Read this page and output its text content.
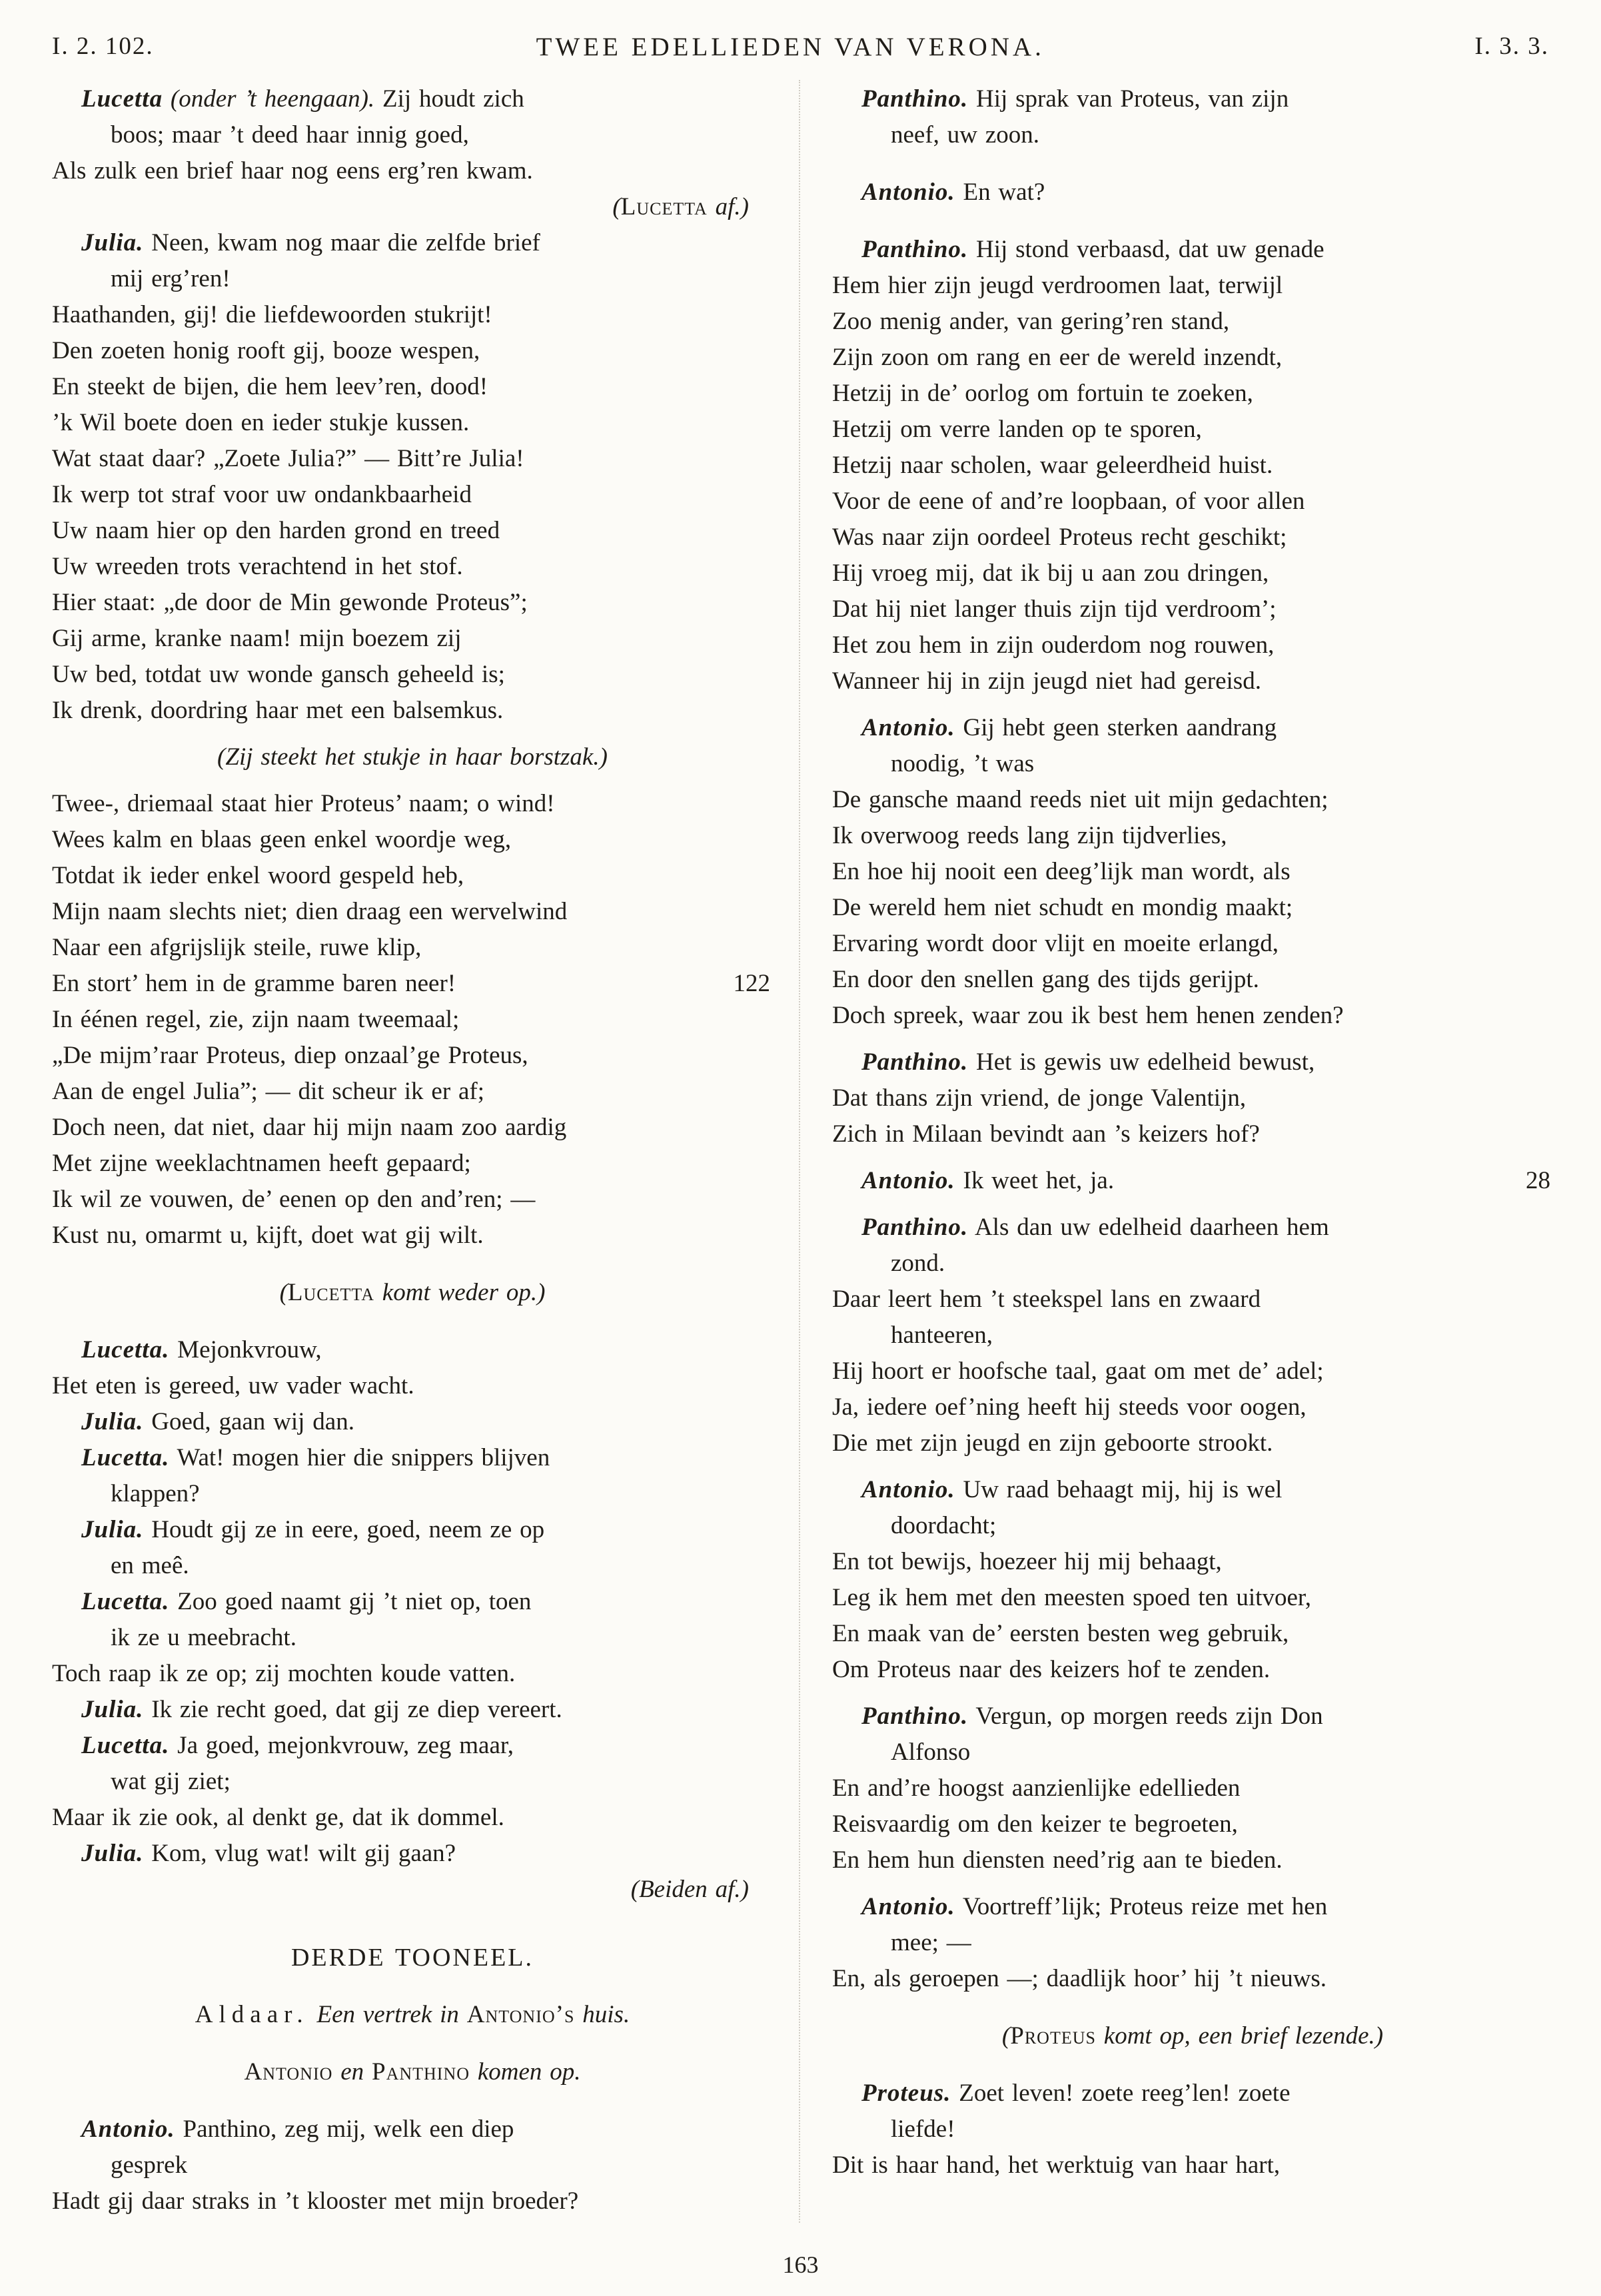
I. 2. 102.	TWEE EDELLIEDEN VAN VERONA.	I. 3. 3.
Lucetta (onder ’t heengaan). Zij houdt zich
boos; maar ’t deed haar innig goed,
Als zulk een brief haar nog eens erg’ren kwam.
(Lucetta af.)
Julia. Neen, kwam nog maar die zelfde brief
mij erg’ren!
Haathanden, gij! die liefdewoorden stukrijt!
Den zoeten honig rooft gij, booze wespen,
En steekt de bijen, die hem leev’ren, dood!
’k Wil boete doen en ieder stukje kussen.
Wat staat daar? „Zoete Julia?” — Bitt’re Julia!
Ik werp tot straf voor uw ondankbaarheid
Uw naam hier op den harden grond en treed
Uw wreeden trots verachtend in het stof.
Hier staat: „de door de Min gewonde Proteus”;
Gij arme, kranke naam! mijn boezem zij
Uw bed, totdat uw wonde gansch geheeld is;
Ik drenk, doordring haar met een balsemkus.
(Zij steekt het stukje in haar borstzak.)
Twee-, driemaal staat hier Proteus’ naam; o wind!
Wees kalm en blaas geen enkel woordje weg,
Totdat ik ieder enkel woord gespeld heb,
Mijn naam slechts niet; dien draag een wervelwind
Naar een afgrijslijk steile, ruwe klip,
En stort’ hem in de gramme baren neer!	122
In éénen regel, zie, zijn naam tweemaal;
„De mijm’raar Proteus, diep onzaal’ge Proteus,
Aan de engel Julia”; — dit scheur ik er af;
Doch neen, dat niet, daar hij mijn naam zoo aardig
Met zijne weeklachtnamen heeft gepaard;
Ik wil ze vouwen, de’ eenen op den and’ren; —
Kust nu, omarmt u, kijft, doet wat gij wilt.
(Lucetta komt weder op.)
Lucetta. Mejonkvrouw,
Het eten is gereed, uw vader wacht.
Julia. Goed, gaan wij dan.
Lucetta. Wat! mogen hier die snippers blijven
klappen?
Julia. Houdt gij ze in eere, goed, neem ze op
en meê.
Lucetta. Zoo goed naamt gij ’t niet op, toen
ik ze u meebracht.
Toch raap ik ze op; zij mochten koude vatten.
Julia. Ik zie recht goed, dat gij ze diep vereert.
Lucetta. Ja goed, mejonkvrouw, zeg maar,
wat gij ziet;
Maar ik zie ook, al denkt ge, dat ik dommel.
Julia. Kom, vlug wat! wilt gij gaan?
(Beiden af.)
DERDE TOONEEL.
Aldaar. Een vertrek in Antonio’s huis.
Antonio en Panthino komen op.
Antonio. Panthino, zeg mij, welk een diep
gesprek
Hadt gij daar straks in ’t klooster met mijn broeder?
Panthino. Hij sprak van Proteus, van zijn
neef, uw zoon.
Antonio. En wat?
Panthino. Hij stond verbaasd, dat uw genade
Hem hier zijn jeugd verdroomen laat, terwijl
Zoo menig ander, van gering’ren stand,
Zijn zoon om rang en eer de wereld inzendt,
Hetzij in de’ oorlog om fortuin te zoeken,
Hetzij om verre landen op te sporen,
Hetzij naar scholen, waar geleerdheid huist.
Voor de eene of and’re loopbaan, of voor allen
Was naar zijn oordeel Proteus recht geschikt;
Hij vroeg mij, dat ik bij u aan zou dringen,
Dat hij niet langer thuis zijn tijd verdroom’;
Het zou hem in zijn ouderdom nog rouwen,
Wanneer hij in zijn jeugd niet had gereisd.
Antonio. Gij hebt geen sterken aandrang
noodig, ’t was
De gansche maand reeds niet uit mijn gedachten;
Ik overwoog reeds lang zijn tijdverlies,
En hoe hij nooit een deeg’lijk man wordt, als
De wereld hem niet schudt en mondig maakt;
Ervaring wordt door vlijt en moeite erlangd,
En door den snellen gang des tijds gerijpt.
Doch spreek, waar zou ik best hem henen zenden?
Panthino. Het is gewis uw edelheid bewust,
Dat thans zijn vriend, de jonge Valentijn,
Zich in Milaan bevindt aan ’s keizers hof?
Antonio. Ik weet het, ja.	28
Panthino. Als dan uw edelheid daarheen hem
zond.
Daar leert hem ’t steekspel lans en zwaard
hanteeren,
Hij hoort er hoofsche taal, gaat om met de’ adel;
Ja, iedere oef’ning heeft hij steeds voor oogen,
Die met zijn jeugd en zijn geboorte strookt.
Antonio. Uw raad behaagt mij, hij is wel
doordacht;
En tot bewijs, hoezeer hij mij behaagt,
Leg ik hem met den meesten spoed ten uitvoer,
En maak van de’ eersten besten weg gebruik,
Om Proteus naar des keizers hof te zenden.
Panthino. Vergun, op morgen reeds zijn Don
Alfonso
En and’re hoogst aanzienlijke edellieden
Reisvaardig om den keizer te begroeten,
En hem hun diensten need’rig aan te bieden.
Antonio. Voortreff’lijk; Proteus reize met hen
mee; —
En, als geroepen —; daadlijk hoor’ hij ’t nieuws.
(Proteus komt op, een brief lezende.)
Proteus. Zoet leven! zoete reeg’len! zoete
liefde!
Dit is haar hand, het werktuig van haar hart,
163
